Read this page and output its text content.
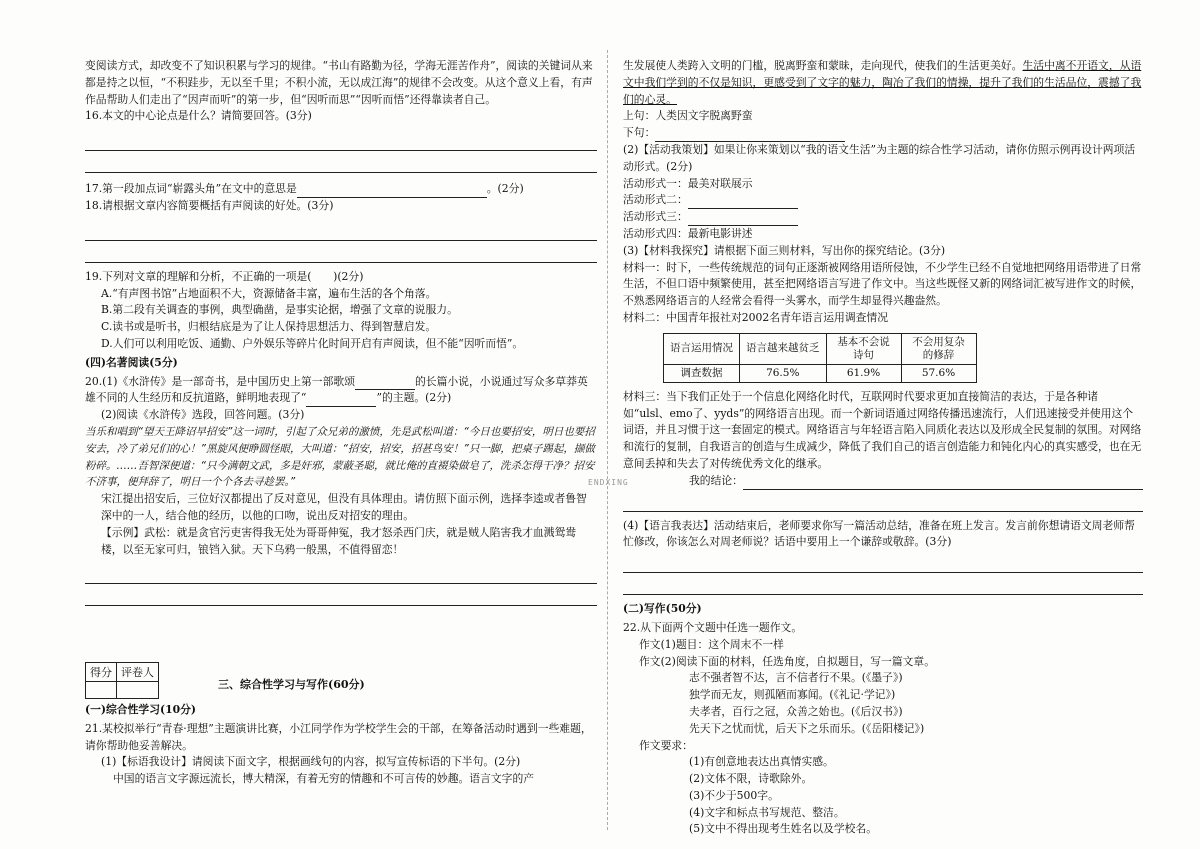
ENDXING

变阅读方式，却改变不了知识积累与学习的规律。“书山有路勤为径，学海无涯苦作舟”，阅读的关键词从来都是持之以恒，“不积跬步，无以至千里；不积小流，无以成江海”的规律不会改变。从这个意义上看，有声作品帮助人们走出了“因声而听”的第一步，但“因听而思”“因听而悟”还得靠读者自己。

16.本文的中心论点是什么？请简要回答。(3分)

17.第一段加点词“崭露头角”在文中的意思是	。(2分)

18.请根据文章内容简要概括有声阅读的好处。(3分)

19.下列对文章的理解和分析，不正确的一项是(　　)(2分)

A.“有声图书馆”占地面积不大，资源储备丰富，遍布生活的各个角落。

B.第二段有关调查的事例，典型确凿，是事实论据，增强了文章的说服力。

C.读书或是听书，归根结底是为了让人保持思想活力、得到智慧启发。

D.人们可以利用吃饭、通勤、户外娱乐等碎片化时间开启有声阅读，但不能“因听而悟”。

(四)名著阅读(5分)

20.(1)《水浒传》是一部奇书，是中国历史上第一部歌颂	的长篇小说，小说通过写众多草莽英雄不同的人生经历和反抗道路，鲜明地表现了“	”的主题。(2分)

(2)阅读《水浒传》选段，回答问题。(3分)

当乐和唱到“望天王降诏早招安”这一词时，引起了众兄弟的激愤，先是武松叫道：“今日也要招安，明日也要招安去，冷了弟兄们的心！”黑旋风便睁圆怪眼，大叫道：“招安，招安，招甚鸟安！”只一脚，把桌子踢起，撷做粉碎。……吾智深便道：“只今满朝文武，多是奸邪，蒙蔽圣聪，就比俺的直裰染做皂了，洗杀怎得干净？招安不济事，便拜辞了，明日一个个各去寻趁罢。”

宋江提出招安后，三位好汉都提出了反对意见，但没有具体理由。请仿照下面示例，选择李逵或者鲁智深中的一人，结合他的经历，以他的口吻，说出反对招安的理由。

【示例】武松：就是贪官污吏害得我无处为哥哥伸冤，我才怒杀西门庆，就是贼人陷害我才血溅鸳鸯楼，以至无家可归，锒铛入狱。天下乌鸦一般黑，不值得留恋！

得分	评卷人

三、综合性学习与写作(60分)

(一)综合性学习(10分)

21.某校拟举行“青春·理想”主题演讲比赛，小江同学作为学校学生会的干部，在筹备活动时遇到一些难题，请你帮助他妥善解决。

(1)【标语我设计】请阅读下面文字，根据画线句的内容，拟写宣传标语的下半句。(2分)

中国的语言文字源远流长，博大精深，有着无穷的情趣和不可言传的妙趣。语言文字的产

生发展使人类跨入文明的门槛，脱离野蛮和蒙昧，走向现代，使我们的生活更美好。生活中离不开语文，从语文中我们学到的不仅是知识，更感受到了文字的魅力，陶冶了我们的情操，提升了我们的生活品位，震撼了我们的心灵。

上句：人类因文字脱离野蛮

下句：

(2)【活动我策划】如果让你来策划以“我的语文生活”为主题的综合性学习活动，请你仿照示例再设计两项活动形式。(2分)

活动形式一：最美对联展示

活动形式二：

活动形式三：

活动形式四：最新电影讲述

(3)【材料我探究】请根据下面三则材料，写出你的探究结论。(3分)

材料一：时下，一些传统规范的词句正逐渐被网络用语所侵蚀，不少学生已经不自觉地把网络用语带进了日常生活，不但口语中频繁使用，甚至把网络语言写进了作文中。当这些既怪又新的网络词汇被写进作文的时候，不熟悉网络语言的人经常会看得一头雾水，而学生却显得兴趣盎然。

材料二：中国青年报社对2002名青年语言运用调查情况

语言运用情况	语言越来越贫乏	基本不会说诗句	不会用复杂的修辞
调查数据	76.5%	61.9%	57.6%

材料三：当下我们正处于一个信息化网络化时代，互联网时代要求更加直接简洁的表达，于是各种诸如“ulsl、emo了、yyds”的网络语言出现。而一个新词语通过网络传播迅速流行，人们迅速接受并使用这个词语，并且习惯于这一套固定的模式。网络语言与年轻语言陷入同质化表达以及形成全民复制的氛围。对网络和流行的复制，自我语言的创造与生成减少，降低了我们自己的语言创造能力和钝化内心的真实感受，也在无意间丢掉和失去了对传统优秀文化的继承。

我的结论：

(4)【语言我表达】活动结束后，老师要求你写一篇活动总结，准备在班上发言。发言前你想请语文周老师帮忙修改，你该怎么对周老师说？话语中要用上一个谦辞或敬辞。(3分)

(二)写作(50分)

22.从下面两个文题中任选一题作文。

作文(1)题目：这个周末不一样

作文(2)阅读下面的材料，任选角度，自拟题目，写一篇文章。

志不强者智不达，言不信者行不果。(《墨子》)

独学而无友，则孤陋而寡闻。(《礼记·学记》)

夫孝者，百行之冠，众善之始也。(《后汉书》)

先天下之忧而忧，后天下之乐而乐。(《岳阳楼记》)

作文要求：

(1)有创意地表达出真情实感。

(2)文体不限，诗歌除外。

(3)不少于500字。

(4)文字和标点书写规范、整洁。

(5)文中不得出现考生姓名以及学校名。
